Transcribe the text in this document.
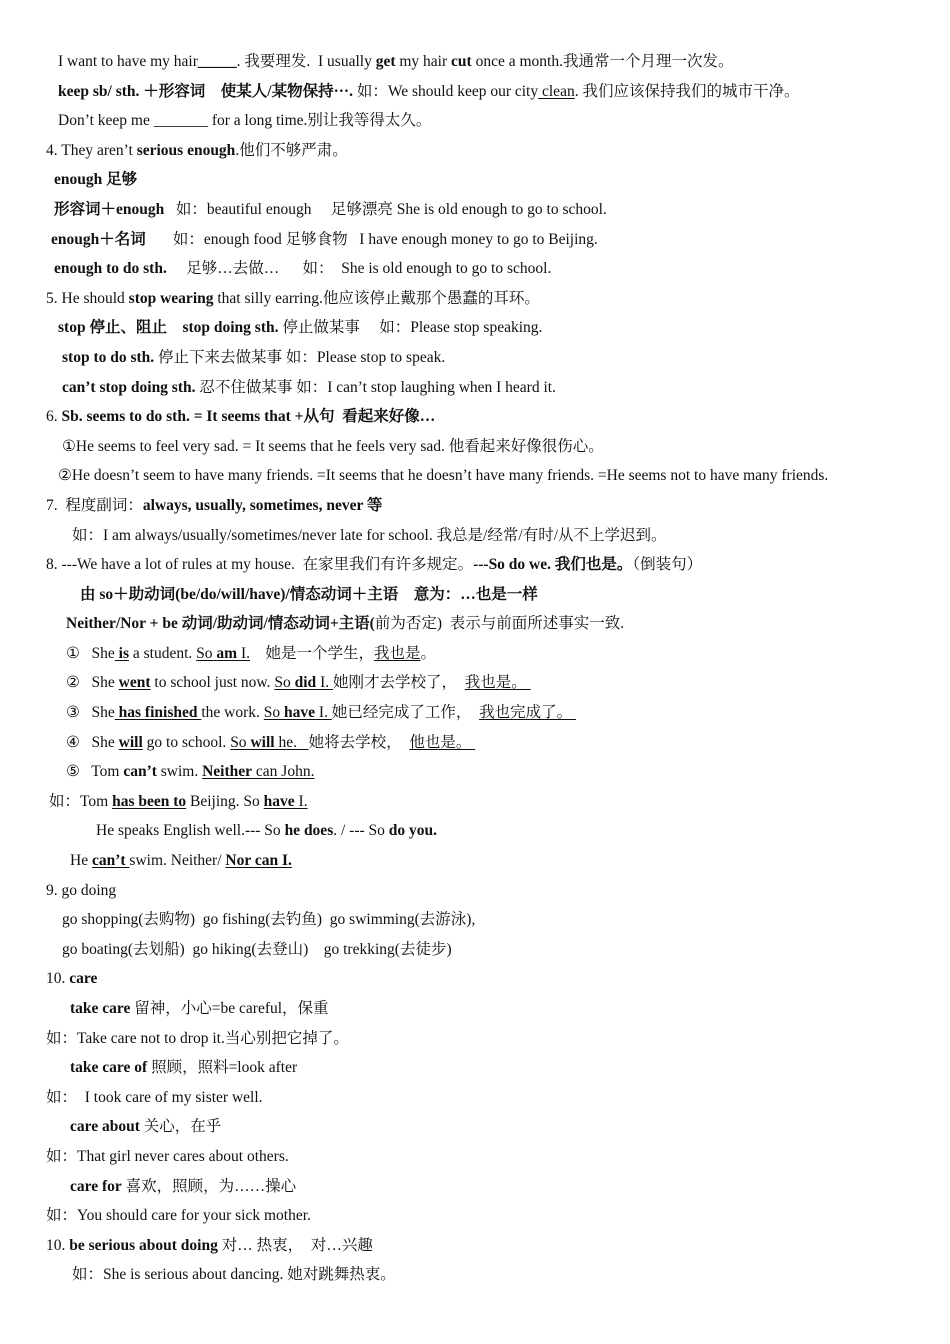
I want to have my hair_____. 我要理发.  I usually get my hair cut once a month.我通常一个月理一次发。
keep sb/ sth. ＋形容词    使某人/某物保持···. 如：We should keep our city clean. 我们应该保持我们的城市干净。
Don’t keep me _______ for a long time.别让我等得太久。
4. They aren’t serious enough.他们不够严肃。
enough 足够
形容词＋enough   如：beautiful enough     足够漂亮 She is old enough to go to school.
enough＋名词       如：enough food 足够食物   I have enough money to go to Beijing.
enough to do sth.     足够…去做…      如：  She is old enough to go to school.
5. He should stop wearing that silly earring.他应该停止戴那个愚蠢的耳环。
stop 停止、阻止    stop doing sth. 停止做某事     如：Please stop speaking.
stop to do sth. 停止下来去做某事 如：Please stop to speak.
can’t stop doing sth. 忍不住做某事 如：I can’t stop laughing when I heard it.
6. Sb. seems to do sth. = It seems that +从句  看起来好像…
①He seems to feel very sad. = It seems that he feels very sad. 他看起来好像很伤心。
②He doesn’t seem to have many friends. =It seems that he doesn’t have many friends. =He seems not to have many friends.
7.  程度副词：always, usually, sometimes, never 等
如：I am always/usually/sometimes/never late for school. 我总是/经常/有时/从不上学迟到。
8. ---We have a lot of rules at my house.  在家里我们有许多规定。---So do we. 我们也是。（倒装句）
由 so＋助动词(be/do/will/have)/情态动词＋主语    意为：…也是一样
Neither/Nor + be 动词/助动词/情态动词+主语(前为否定)  表示与前面所述事实一致.
①   She is a student. So am I.    她是一个学生，我也是。
②   She went to school just now. So did I. 她刚才去学校了，  我也是。
③   She has finished the work. So have I. 她已经完成了工作，  我也完成了。
④   She will go to school. So will he.   她将去学校，  他也是。
⑤   Tom can’t swim. Neither can John.
如：Tom has been to Beijing. So have I.
He speaks English well.--- So he does. / --- So do you.
He can’t swim. Neither/ Nor can I.
9. go doing
go shopping(去购物)  go fishing(去钓鱼)  go swimming(去游泳),
go boating(去划船)  go hiking(去登山)    go trekking(去徒步)
10. care
take care 留神，小心=be careful，保重
如：Take care not to drop it.当心别把它掉了。
take care of 照顾，照料=look after
如：  I took care of my sister well.
care about 关心，在乎
如：That girl never cares about others.
care for 喜欢，照顾，为……操心
如：You should care for your sick mother.
10. be serious about doing 对… 热衷，  对…兴趣
如：She is serious about dancing. 她对跳舞热衷。
